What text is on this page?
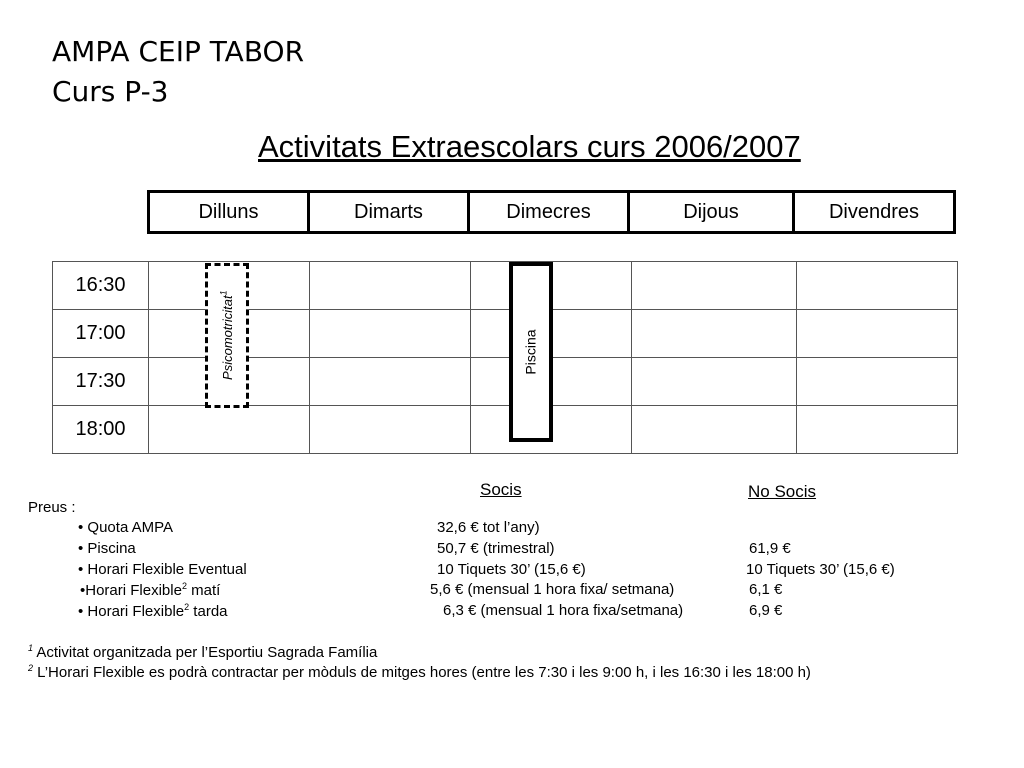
AMPA CEIP TABOR
Curs P-3
Activitats Extraescolars curs 2006/2007
Dilluns	Dimarts	Dimecres	Dijous	Divendres
16:30					
17:00					
17:30					
18:00					
Psicomotricitat$^1$
Piscina
Socis	No Socis
Preus :
• Quota AMPA	32,6 € tot l’any)
• Piscina	50,7 € (trimestral)	61,9 €
• Horari Flexible Eventual	10 Tiquets 30’ (15,6 €)	10 Tiquets 30’ (15,6 €)
•Horari Flexible$^2$ matí	5,6 € (mensual 1 hora fixa/ setmana)	6,1 €
• Horari Flexible$^2$ tarda	6,3 € (mensual 1 hora fixa/setmana)	6,9 €
$^1$ Activitat organitzada per l’Esportiu Sagrada Família
$^2$ L’Horari Flexible es podrà contractar per mòduls de mitges hores (entre les 7:30 i les 9:00 h, i les 16:30 i les 18:00 h)
